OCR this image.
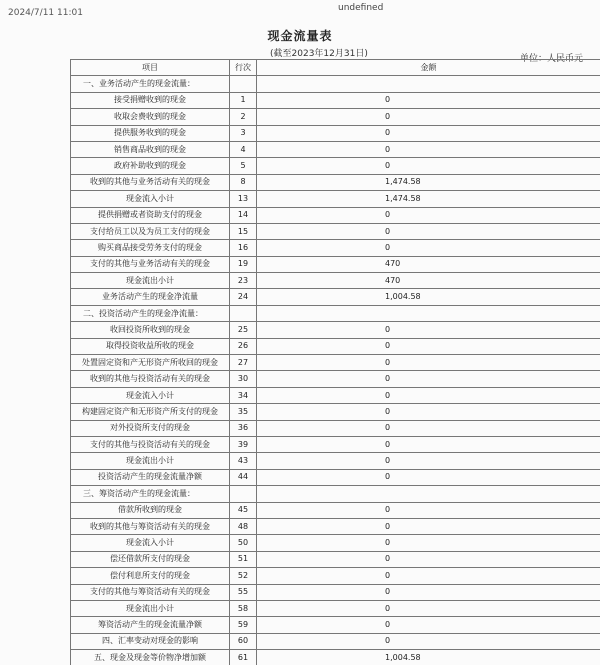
2024/7/11 11:01	undefined
现金流量表
(截至2023年12月31日)	单位：人民币元
项目	行次	金额
一、业务活动产生的现金流量：		
接受捐赠收到的现金	1	0
收取会费收到的现金	2	0
提供服务收到的现金	3	0
销售商品收到的现金	4	0
政府补助收到的现金	5	0
收到的其他与业务活动有关的现金	8	1,474.58
现金流入小计	13	1,474.58
提供捐赠或者资助支付的现金	14	0
支付给员工以及为员工支付的现金	15	0
购买商品接受劳务支付的现金	16	0
支付的其他与业务活动有关的现金	19	470
现金流出小计	23	470
业务活动产生的现金净流量	24	1,004.58
二、投资活动产生的现金净流量：		
收回投资所收到的现金	25	0
取得投资收益所收的现金	26	0
处置固定资和产无形资产所收回的现金	27	0
收到的其他与投资活动有关的现金	30	0
现金流入小计	34	0
构建固定资产和无形资产所支付的现金	35	0
对外投资所支付的现金	36	0
支付的其他与投资活动有关的现金	39	0
现金流出小计	43	0
投资活动产生的现金流量净额	44	0
三、筹资活动产生的现金流量：		
借款所收到的现金	45	0
收到的其他与筹资活动有关的现金	48	0
现金流入小计	50	0
偿还借款所支付的现金	51	0
偿付利息所支付的现金	52	0
支付的其他与筹资活动有关的现金	55	0
现金流出小计	58	0
筹资活动产生的现金流量净额	59	0
四、汇率变动对现金的影响	60	0
五、现金及现金等价物净增加额	61	1,004.58
